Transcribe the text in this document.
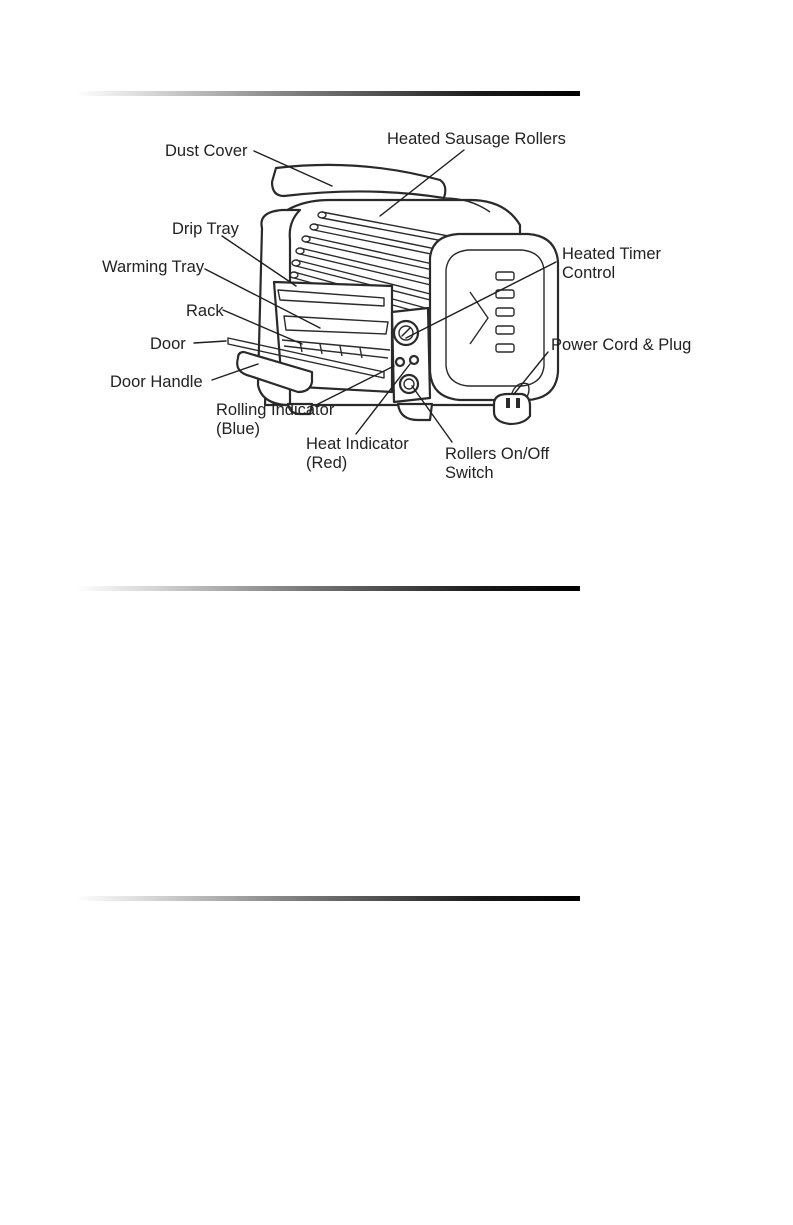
Dust Cover
Heated Sausage Rollers
Drip Tray
Warming Tray
Rack
Door
Door Handle
Heated Timer
Control
Power Cord & Plug
Rolling Indicator
(Blue)
Heat Indicator
(Red)	Rollers On/Off
Switch
